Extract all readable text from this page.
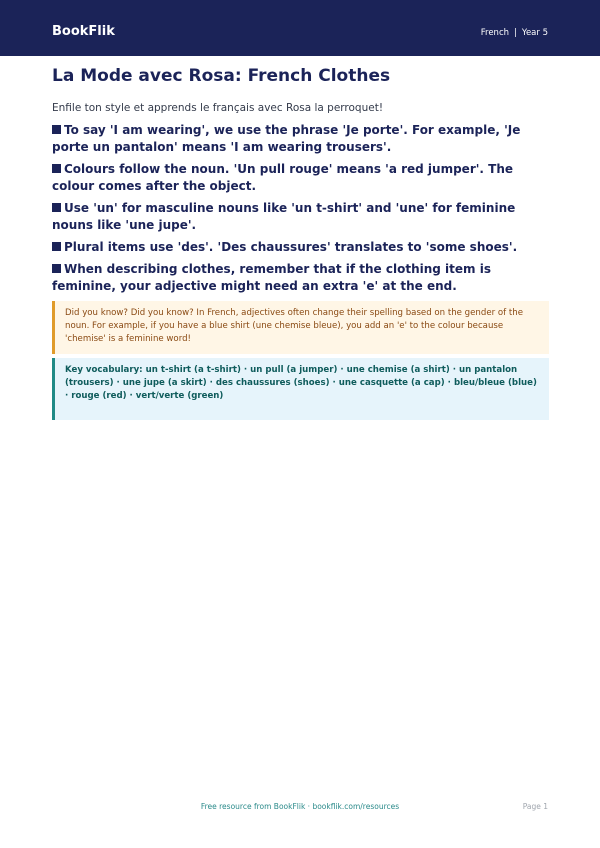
BookFlik	French | Year 5
La Mode avec Rosa: French Clothes

Enfile ton style et apprends le français avec Rosa la perroquet!

To say 'I am wearing', we use the phrase 'Je porte'. For example, 'Je porte un pantalon' means 'I am wearing trousers'.
Colours follow the noun. 'Un pull rouge' means 'a red jumper'. The colour comes after the object.
Use 'un' for masculine nouns like 'un t-shirt' and 'une' for feminine nouns like 'une jupe'.
Plural items use 'des'. 'Des chaussures' translates to 'some shoes'.
When describing clothes, remember that if the clothing item is feminine, your adjective might need an extra 'e' at the end.
Did you know? Did you know? In French, adjectives often change their spelling based on the gender of the noun. For example, if you have a blue shirt (une chemise bleue), you add an 'e' to the colour because 'chemise' is a feminine word!
Key vocabulary: un t-shirt (a t-shirt) · un pull (a jumper) · une chemise (a shirt) · un pantalon (trousers) · une jupe (a skirt) · des chaussures (shoes) · une casquette (a cap) · bleu/bleue (blue) · rouge (red) · vert/verte (green)
Free resource from BookFlik · bookflik.com/resources	Page 1
